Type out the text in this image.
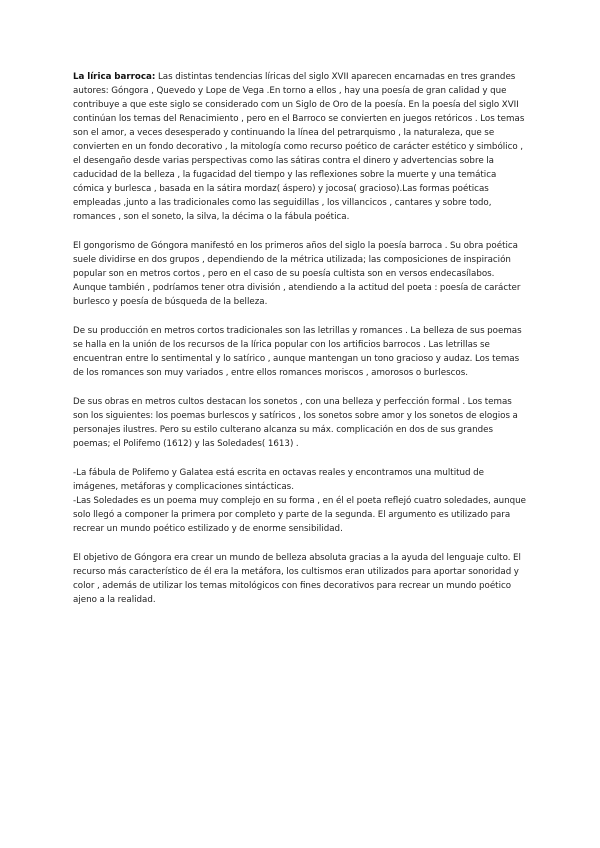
La lírica barroca: Las distintas tendencias líricas del siglo XVII aparecen encarnadas en tres grandes autores: Góngora , Quevedo y Lope de Vega .En torno a ellos , hay una poesía de gran calidad y que contribuye a que este siglo se considerado com un Siglo de Oro de la poesía. En la poesía del siglo XVII continúan los temas del Renacimiento , pero en el Barroco se convierten en juegos retóricos . Los temas son el amor, a veces desesperado y continuando la línea del petrarquismo , la naturaleza, que se convierten en un fondo decorativo , la mitología como recurso poético de carácter estético y simbólico , el desengaño desde varias perspectivas como las sátiras contra el dinero y advertencias sobre la caducidad de la belleza , la fugacidad del tiempo y las reflexiones sobre la muerte y una temática cómica y burlesca , basada en la sátira mordaz( áspero) y jocosa( gracioso).Las formas poéticas empleadas ,junto a las tradicionales como las seguidillas , los villancicos , cantares y sobre todo, romances , son el soneto, la silva, la décima o la fábula poética.

El gongorismo de Góngora manifestó en los primeros años del siglo la poesía barroca . Su obra poética suele dividirse en dos grupos , dependiendo de la métrica utilizada; las composiciones de inspiración popular son en metros cortos , pero en el caso de su poesía cultista son en versos endecasílabos. Aunque también , podríamos tener otra división , atendiendo a la actitud del poeta : poesía de carácter burlesco y poesía de búsqueda de la belleza.

De su producción en metros cortos tradicionales son las letrillas y romances . La belleza de sus poemas se halla en la unión de los recursos de la lírica popular con los artificios barrocos . Las letrillas se encuentran entre lo sentimental y lo satírico , aunque mantengan un tono gracioso y audaz. Los temas de los romances son muy variados , entre ellos romances moriscos , amorosos o burlescos.

De sus obras en metros cultos destacan los sonetos , con una belleza y perfección formal . Los temas son los siguientes: los poemas burlescos y satíricos , los sonetos sobre amor y los sonetos de elogios a personajes ilustres. Pero su estilo culterano alcanza su máx. complicación en dos de sus grandes poemas; el Polifemo (1612) y las Soledades( 1613) .

-La fábula de Polifemo y Galatea está escrita en octavas reales y encontramos una multitud de imágenes, metáforas y complicaciones sintácticas.

-Las Soledades es un poema muy complejo en su forma , en él el poeta reflejó cuatro soledades, aunque solo llegó a componer la primera por completo y parte de la segunda. El argumento es utilizado para recrear un mundo poético estilizado y de enorme sensibilidad.

El objetivo de Góngora era crear un mundo de belleza absoluta gracias a la ayuda del lenguaje culto. El recurso más característico de él era la metáfora, los cultismos eran utilizados para aportar sonoridad y color , además de utilizar los temas mitológicos con fines decorativos para recrear un mundo poético ajeno a la realidad.
